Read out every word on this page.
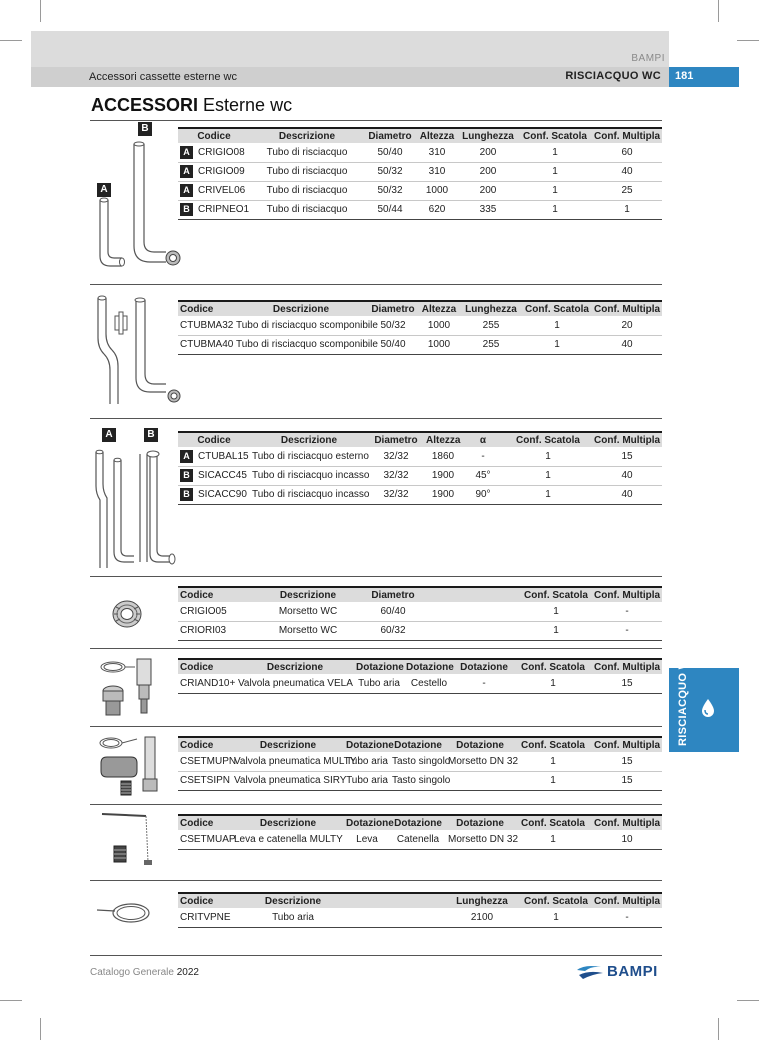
BAMPI
Accessori cassette esterne wc	RISCIACQUO WC	181
ACCESSORI Esterne wc
B
A
Codice	Descrizione	Diametro	Altezza	Lunghezza	Conf. Scatola	Conf. Multipla
A CRIGIO08	Tubo di risciacquo	50/40	310	200	1	60
A CRIGIO09	Tubo di risciacquo	50/32	310	200	1	40
A CRIVEL06	Tubo di risciacquo	50/32	1000	200	1	25
B CRIPNEO1	Tubo di risciacquo	50/44	620	335	1	1
Codice	Descrizione	Diametro	Altezza	Lunghezza	Conf. Scatola	Conf. Multipla
CTUBMA32	Tubo di risciacquo scomponibile	50/32	1000	255	1	20
CTUBMA40	Tubo di risciacquo scomponibile	50/40	1000	255	1	40
A	B	Codice	Descrizione	Diametro	Altezza	α	Conf. Scatola	Conf. Multipla
A CTUBAL15	Tubo di risciacquo esterno	32/32	1860	-	1	15
B SICACC45	Tubo di risciacquo incasso	32/32	1900	45°	1	40
B SICACC90	Tubo di risciacquo incasso	32/32	1900	90°	1	40
Codice	Descrizione	Diametro		Conf. Scatola	Conf. Multipla
CRIGIO05	Morsetto WC	60/40		1	-
CRIORI03	Morsetto WC	60/32		1	-
Codice	Descrizione	Dotazione	Dotazione	Dotazione	Conf. Scatola	Conf. Multipla
CRIAND10+	Valvola pneumatica VELA	Tubo aria	Cestello	-	1	15
Codice	Descrizione	Dotazione	Dotazione	Dotazione	Conf. Scatola	Conf. Multipla
CSETMUPN	Valvola pneumatica MULTY	Tubo aria	Tasto singolo	Morsetto DN 32	1	15
CSETSIPN	Valvola pneumatica SIRY	Tubo aria	Tasto singolo		1	15
Codice	Descrizione	Dotazione	Dotazione	Dotazione	Conf. Scatola	Conf. Multipla
CSETMUAP	Leva e catenella MULTY	Leva	Catenella	Morsetto DN 32	1	10
Codice	Descrizione		Lunghezza	Conf. Scatola	Conf. Multipla
CRITVPNE	Tubo aria		2100	1	-
RISCIACQUO WC
Catalogo Generale 2022	BAMPI
